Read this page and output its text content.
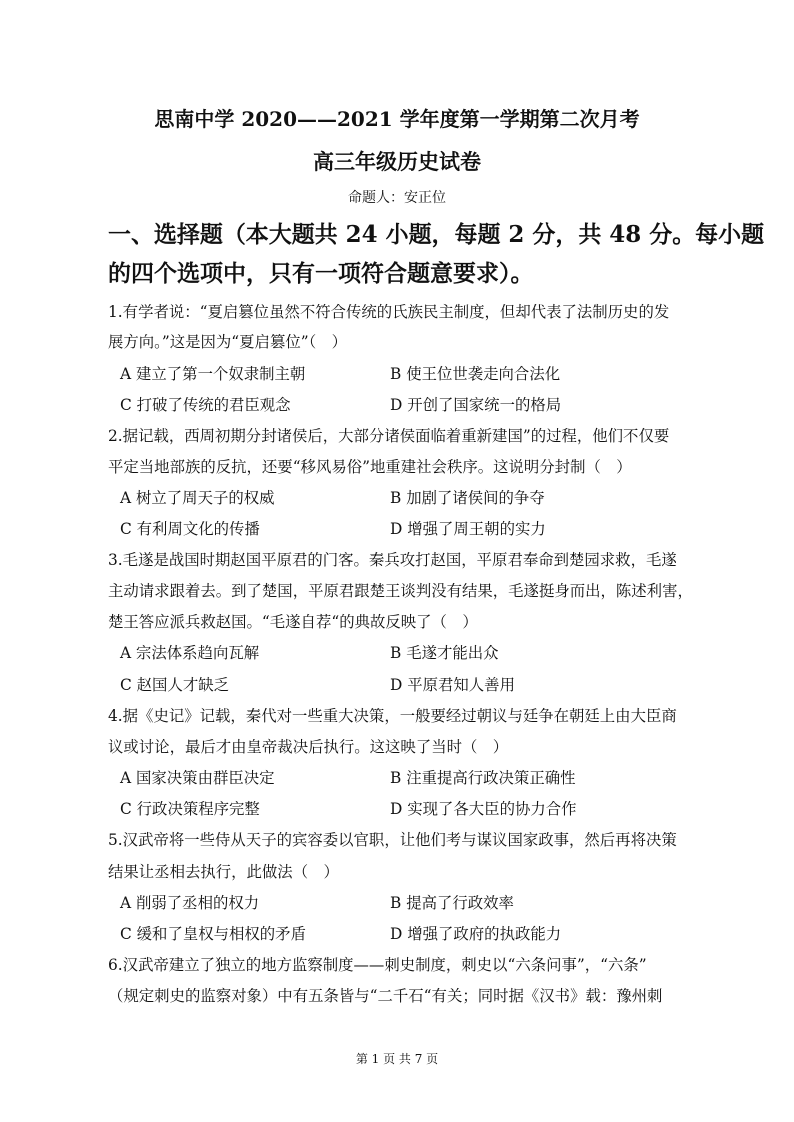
思南中学 2020——2021 学年度第一学期第二次月考
高三年级历史试卷
命题人：安正位
一、选择题（本大题共 24 小题，每题 2 分，共 48 分。每小题
的四个选项中，只有一项符合题意要求）。
1.有学者说：“夏启篡位虽然不符合传统的氏族民主制度，但却代表了法制历史的发
展方向。”这是因为“夏启篡位”（　）
A 建立了第一个奴隶制主朝	B 使王位世袭走向合法化
C 打破了传统的君臣观念	D 开创了国家统一的格局
2.据记载，西周初期分封诸侯后，大部分诸侯面临着重新建国”的过程，他们不仅要
平定当地部族的反抗，还要“移风易俗”地重建社会秩序。这说明分封制（　）
A 树立了周天子的权威	B 加剧了诸侯间的争夺
C 有利周文化的传播	D 增强了周王朝的实力
3.毛遂是战国时期赵国平原君的门客。秦兵攻打赵国，平原君奉命到楚园求救，毛遂
主动请求跟着去。到了楚国，平原君跟楚王谈判没有结果，毛遂挺身而出，陈述利害，
楚王答应派兵救赵国。“毛遂自荐“的典故反映了（　）
A 宗法体系趋向瓦解	B 毛遂才能出众
C 赵国人才缺乏	D 平原君知人善用
4.据《史记》记载，秦代对一些重大决策，一般要经过朝议与廷争在朝廷上由大臣商
议或讨论，最后才由皇帝裁决后执行。这这映了当时（　）
A 国家决策由群臣决定	B 注重提高行政决策正确性
C 行政决策程序完整	D 实现了各大臣的协力合作
5.汉武帝将一些侍从天子的宾容委以官职，让他们考与谋议国家政事，然后再将决策
结果让丞相去执行，此做法（　）
A 削弱了丞相的权力	B 提高了行政效率
C 缓和了皇权与相权的矛盾	D 增强了政府的执政能力
6.汉武帝建立了独立的地方监察制度——刺史制度，刺史以“六条问事”，“六条”
（规定刺史的监察对象）中有五条皆与“二千石“有关；同时据《汉书》载：豫州刺
第 1 页 共 7 页
